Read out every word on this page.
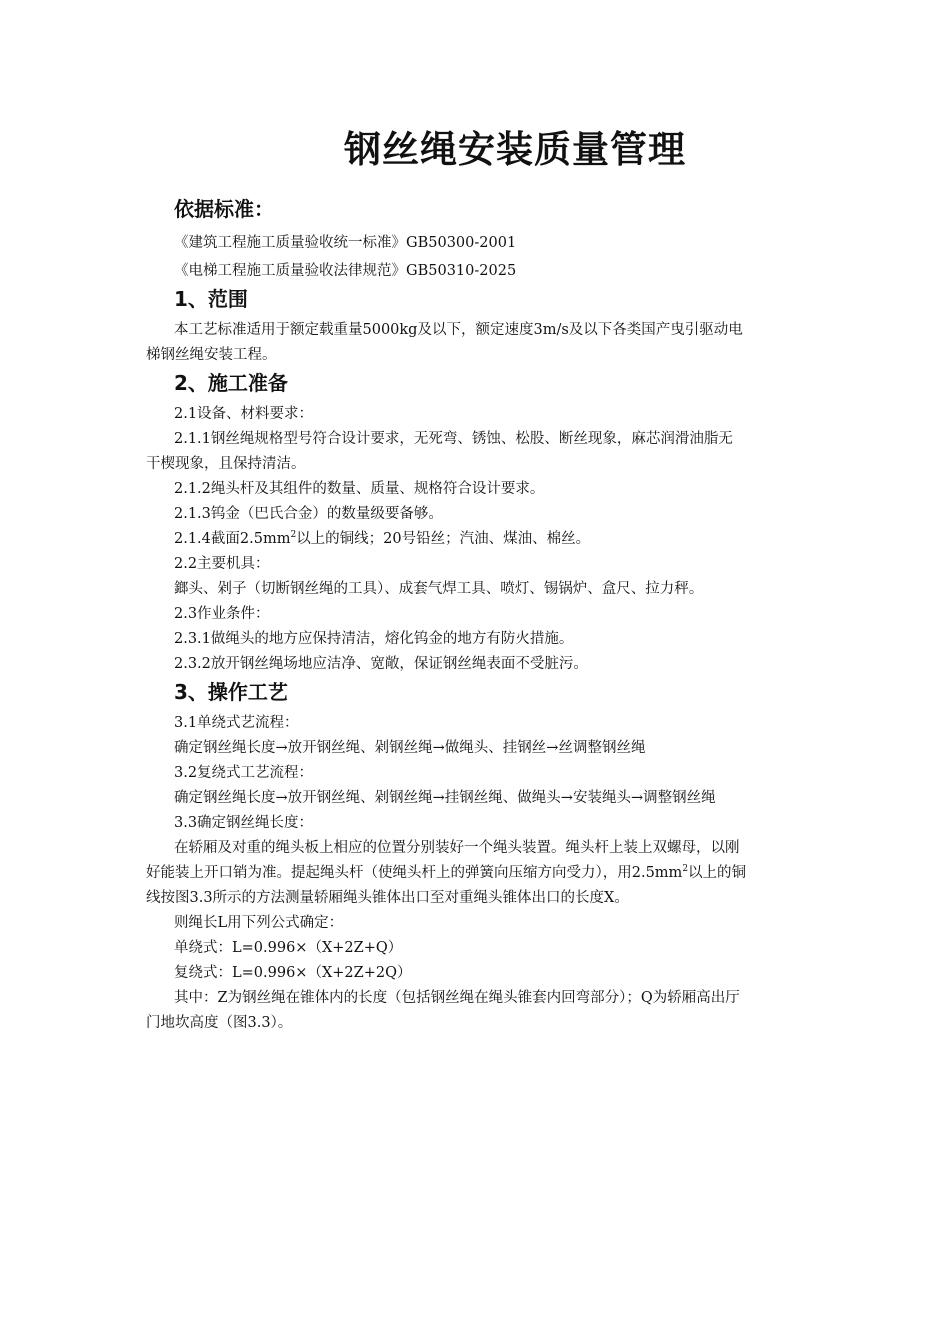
钢丝绳安装质量管理
依据标准：
《建筑工程施工质量验收统一标准》GB50300-2001
《电梯工程施工质量验收法律规范》GB50310-2025
1、范围
本工艺标准适用于额定载重量5000kg及以下，额定速度3m/s及以下各类国产曳引驱动电
梯钢丝绳安装工程。
2、施工准备
2.1设备、材料要求：
2.1.1钢丝绳规格型号符合设计要求，无死弯、锈蚀、松股、断丝现象，麻芯润滑油脂无
干楔现象，且保持清洁。
2.1.2绳头杆及其组件的数量、质量、规格符合设计要求。
2.1.3钨金（巴氏合金）的数量级要备够。
2.1.4截面$2.5mm^2$以上的铜线；20号铅丝；汽油、煤油、棉丝。
2.2主要机具：
鎯头、剁子（切断钢丝绳的工具）、成套气焊工具、喷灯、锡锅炉、盒尺、拉力秤。
2.3作业条件：
2.3.1做绳头的地方应保持清洁，熔化钨金的地方有防火措施。
2.3.2放开钢丝绳场地应洁净、宽敞，保证钢丝绳表面不受脏污。
3、操作工艺
3.1单绕式艺流程：
确定钢丝绳长度→放开钢丝绳、剁钢丝绳→做绳头、挂钢丝→丝调整钢丝绳
3.2复绕式工艺流程：
确定钢丝绳长度→放开钢丝绳、剁钢丝绳→挂钢丝绳、做绳头→安装绳头→调整钢丝绳
3.3确定钢丝绳长度：
在轿厢及对重的绳头板上相应的位置分别装好一个绳头装置。绳头杆上装上双螺母，以刚
好能装上开口销为准。提起绳头杆（使绳头杆上的弹簧向压缩方向受力），用$2.5mm^2$以上的铜
线按图3.3所示的方法测量轿厢绳头锥体出口至对重绳头锥体出口的长度X。
则绳长L用下列公式确定：
单绕式：L=0.996×（X+2Z+Q）
复绕式：L=0.996×（X+2Z+2Q）
其中：Z为钢丝绳在锥体内的长度（包括钢丝绳在绳头锥套内回弯部分）；Q为轿厢高出厅
门地坎高度（图3.3）。
